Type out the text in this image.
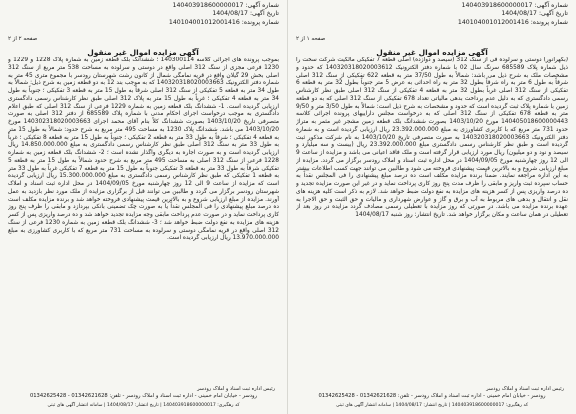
شماره آگهی: 140403918600000017
تاریخ آگهی: 1404/08/17
شماره پرونده: 140104001012001416
صفحه ۲ از ۲
آگهی مزایده اموال غیر منقول
بموجب پرونده های اجرائی کلاسه 140300114 ؛ ششدانگ بلک قطعه زمین به شماره پلاک 1228 و 1229 و 1230 فرعی مجزی از سنگ 312 اصلی واقع در دوستی و سرلوده به مساحت 538 متر مربع از سنگ 312 اصلی بخش 29 گیلان واقع در قریه نمامگی شمال از کانون رشت شهرستان رودسر با مجموع متری 45 متر به شماره دفتر الکترونیک 140320318020003663 که به موجب بند 12 به دو قطعه زمین به شرح ذیل: شمالاً به طول 34 متر به قطعه 5 تفکیکی از سنگ 312 اصلی شرقاً به طول 15 متر به قطعه 3 تفکیکی ؛ جنوباً به طول 34 متر به قطعه 4 تفکیکی ؛ غرباً به طول 15 متر به پلاک 312 اصلی طبق نظر کارشناس رسمی دادگستری ارزیابی گردیده است. 1- ششدانگ بلک قطعه زمین به شماره 1229 فرعی از سنگ 312 اصلی که طبق اعلام دادگستری به موجب درخواست اجرای احکام مدنی با شماره پلاک 685589 از دفتر 312 اصلی به صورت متصرفی تاریخ 1403/10/20 بصورت ششدانگ کلاً بنام آقای محمد اجرای 140302318020003663 مورخ 1403/10/20 می باشد. ششدانگ پلاک 1230 به مساحت 495 متر مربع به شرح حدود: شمالاً به طول 15 متر به قطعه 4 تفکیکی ؛ شرقاً به طول 33 متر به قطعه 2 تفکیکی ؛ جنوباً به طول 15 متر به قطعه 8 تفکیکی ؛ غرباً به طول 33 متر به سنگ 312 اصلی طبق نظر کارشناس رسمی دادگستری به مبلغ 14.850.000.000 ریال ارزیابی گردیده است و به صورت اجاره به دیگری واگذار نشده است ؛ 2- ششدانگ بلک قطعه زمین به شماره 1228 فرعی از سنگ 312 اصلی به مساحت 495 متر مربع به شرح حدود شمالاً به طول 15 متر به قطعه 5 تفکیکی شرقاً به طول 33 متر به قطعه 3 تفکیکی جنوباً به طول 15 متر به قطعه 7 تفکیکی غرباً به طول 33 متر به قطعه 1 تفکیکی که طبق نظر کارشناس رسمی دادگستری به مبلغ 15.300.000.000 ریال ارزیابی گردیده است که مزایده از ساعت 9 الی 12 روز چهارشنبه مورخ 1404/09/05 در محل اداره ثبت اسناد و املاک شهرستان رودسر برگزار می گردد و طالبین می توانند قبل از برگزاری مزایده از ملک مورد نظر بازدید به عمل آورند. مزایده از مبلغ ارزیابی شروع و به بالاترین قیمت پیشنهادی فروخته خواهد شد و برنده مزایده مکلف است ده درصد مبلغ پیشنهادی را فی المجلس نقداً یا به صورت چک تضمینی بانکی بپردازد و مابقی را ظرف پنج روز کاری پرداخت نماید و در صورت عدم پرداخت مابقی وجه مزایده تجدید خواهد شد و ده درصد واریزی پس از کسر هزینه های مزایده به نفع دولت ضبط خواهد شد ؛ 3- ششدانگ بلک قطعه زمین به شماره 1230 فرعی از سنگ 312 اصلی واقع در قریه نمامگی دوستی و سرلوده به مساحت 731 متر مربع که با کاربری کشاورزی به مبلغ 13.970.000.000 ریال ارزیابی گردیده است.
رئیس اداره ثبت اسناد و املاک رودسر
رودسر - خیابان امام خمینی - اداره ثبت اسناد و املاک رودسر - تلفن: 01342621628 - 01342625428
کد رهگیری: 140403918600000017 | تاریخ انتشار: 1404/08/17 | سامانه انتشار آگهی های ثبتی
شماره آگهی: 140403918600000017
تاریخ آگهی: 1404/08/17
شماره پرونده: 140104001012001416
صفحه ۱ از ۲
آگهی مزایده اموال غیر منقول
(بکهرانور) دوستی و سرلوده فی از سنگ 312 (سیصد و دوازده) اصلی قطعه 7 تفکیکی مالکیت شرکت سخت را ذیل شماره پلاک 685589 سرنگ سال 02 با شماره دفتر الکترونیک 140320318020003612 که حدود و مشخصات ملک به شرح ذیل می باشد: شمالاً به طول 37/50 متر به قطعه 622 تفکیکی از سنگ 312 اصلی شرقاً به طول 6 متر به راه شرقاً بطول 32 متر به راه احداثی به عرض 5 متر جنوباً بطول 32 متر به قطعه 6 تفکیکی از سنگ 312 اصلی غرباً بطول 32 متر به قطعه 4 تفکیکی از سنگ 312 اصلی طبق نظر کارشناس رسمی دادگستری که به دلیل عدم پرداخت بدهی مالیاتی تعداد 678 تفکیکی از سنگ 312 اصلی که به دو قطعه زمین با شماره پلاک ثبت گردیده است که حدود و مشخصات به شرح ذیل است: شمالاً به طول 3/50 متر و 9/50 متر به قطعه 678 تفکیکی از سنگ 312 اصلی که به درخواست مجلس داراییهای پرونده اجرائی کلاسه 140405018600000443 مورخ 1403/10/20 بصورت ششدانگ بلک قطعه زمین مشجر غیر مثمر به متراژ حدود 731 متر مربع که با کاربری کشاورزی به مبلغ 23.392.000.000 ریال ارزیابی گردیده است و به شماره دفتر الکترونیک 140320318020003663 به صورت متصرفی تاریخ 1403/10/20 به نام شرکت مذکور ثبت گردیده است و طبق نظر کارشناس رسمی دادگستری مبلغ 23.392.000.000 ریال (بیست و سه میلیارد و سیصد و نود و دو میلیون) ریال مورد ارزیابی قرار گرفته است و ملک فاقد اعیانی می باشد و مزایده از ساعت 9 الی 12 روز چهارشنبه مورخ 1404/09/05 در محل اداره ثبت اسناد و املاک رودسر برگزار می گردد. مزایده از مبلغ ارزیابی شروع و به بالاترین قیمت پیشنهادی فروخته می شود و طالبین می توانند جهت کسب اطلاعات بیشتر به این اداره مراجعه نمایند. ضمناً برنده مزایده مکلف است ده درصد مبلغ پیشنهادی را فی المجلس نقداً به حساب سپرده ثبت واریز و مابقی را ظرف مدت پنج روز کاری پرداخت نماید و در غیر این صورت مزایده تجدید و ده درصد واریزی پس از کسر هزینه های مزایده به نفع دولت ضبط خواهد شد. لازم به ذکر است کلیه هزینه های نقل و انتقال و بدهی های مربوط به آب و برق و گاز و عوارض شهرداری و مالیات و حق الثبت و حق الاجرا به عهده برنده مزایده می باشد. در صورتی که روز مزایده با تعطیلی رسمی مصادف گردد مزایده در روز بعد از تعطیلی در همان ساعت و مکان برگزار خواهد شد. تاریخ انتشار: روز شنبه 1404/08/17
رئیس اداره ثبت اسناد و املاک رودسر
رودسر - خیابان امام خمینی - اداره ثبت اسناد و املاک رودسر - تلفن: 01342621628 - 01342625428
کد رهگیری: 140403918600000017 | تاریخ انتشار: 1404/08/17 | سامانه انتشار آگهی های ثبتی
